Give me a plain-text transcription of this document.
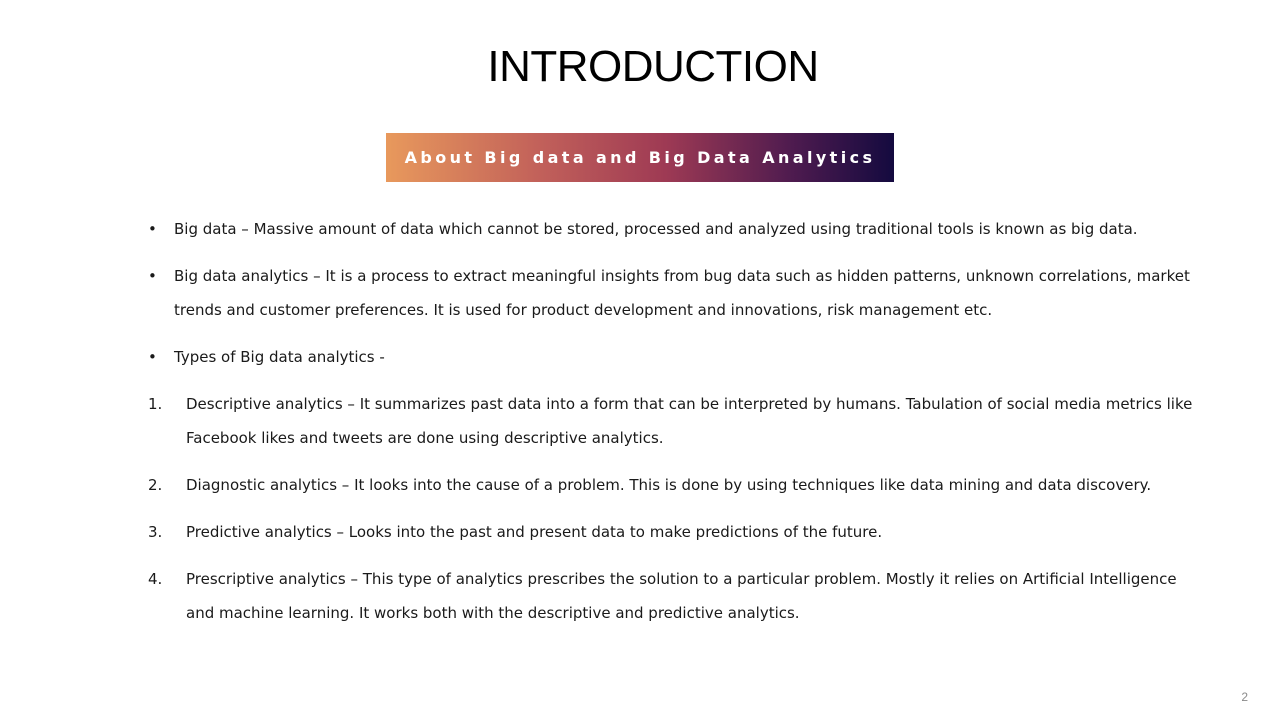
INTRODUCTION
About Big data and Big Data Analytics
•	Big data – Massive amount of data which cannot be stored, processed and analyzed using traditional tools is known as big data.
•	Big data analytics – It is a process to extract meaningful insights from bug data such as hidden patterns, unknown correlations, market trends and customer preferences. It is used for product development and innovations, risk management etc.
•	Types of Big data analytics -
1.	Descriptive analytics – It summarizes past data into a form that can be interpreted by humans. Tabulation of social media metrics like Facebook likes and tweets are done using descriptive analytics.
2.	Diagnostic analytics – It looks into the cause of a problem. This is done by using techniques like data mining and data discovery.
3.	Predictive analytics – Looks into the past and present data to make predictions of the future.
4.	Prescriptive analytics – This type of analytics prescribes the solution to a particular problem. Mostly it relies on Artificial Intelligence and machine learning. It works both with the descriptive and predictive analytics.
2
